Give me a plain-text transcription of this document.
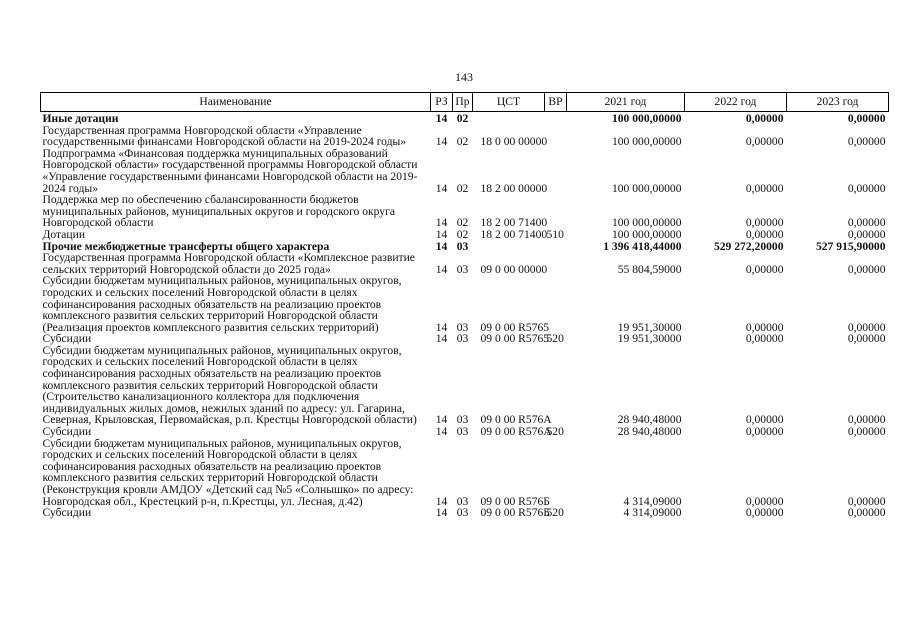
143
Наименование	РЗ	Пр	ЦСТ	ВР	2021 год	2022 год	2023 год
Иные дотации	14	02			100 000,00000	0,00000	0,00000
Государственная программа Новгородской области «Управление государственными финансами Новгородской области на 2019-2024 годы»	14	02	18 0 00 00000		100 000,00000	0,00000	0,00000
Подпрограмма «Финансовая поддержка муниципальных образований Новгородской области» государственной программы Новгородской области «Управление государственными финансами Новгородской области на 2019-2024 годы»	14	02	18 2 00 00000		100 000,00000	0,00000	0,00000
Поддержка мер по обеспечению сбалансированности бюджетов муниципальных районов, муниципальных округов и городского округа Новгородской области	14	02	18 2 00 71400		100 000,00000	0,00000	0,00000
Дотации	14	02	18 2 00 71400	510	100 000,00000	0,00000	0,00000
Прочие межбюджетные трансферты общего характера	14	03			1 396 418,44000	529 272,20000	527 915,90000
Государственная программа Новгородской области «Комплексное развитие сельских территорий Новгородской области до 2025 года»	14	03	09 0 00 00000		55 804,59000	0,00000	0,00000
Субсидии бюджетам муниципальных районов, муниципальных округов, городских и сельских поселений Новгородской области в целях софинансирования расходных обязательств на реализацию проектов комплексного развития сельских территорий Новгородской области (Реализация проектов комплексного развития сельских территорий)	14	03	09 0 00 R5765		19 951,30000	0,00000	0,00000
Субсидии	14	03	09 0 00 R5765	520	19 951,30000	0,00000	0,00000
Субсидии бюджетам муниципальных районов, муниципальных округов, городских и сельских поселений Новгородской области в целях софинансирования расходных обязательств на реализацию проектов комплексного развития сельских территорий Новгородской области (Строительство канализационного коллектора для подключения индивидуальных жилых домов, нежилых зданий по адресу: ул. Гагарина, Северная, Крыловская, Первомайская, р.п. Крестцы Новгородской области)	14	03	09 0 00 R576А		28 940,48000	0,00000	0,00000
Субсидии	14	03	09 0 00 R576А	520	28 940,48000	0,00000	0,00000
Субсидии бюджетам муниципальных районов, муниципальных округов, городских и сельских поселений Новгородской области в целях софинансирования расходных обязательств на реализацию проектов комплексного развития сельских территорий Новгородской области (Реконструкция кровли АМДОУ «Детский сад №5 «Солнышко» по адресу: Новгородская обл., Крестецкий р-н, п.Крестцы, ул. Лесная, д.42)	14	03	09 0 00 R576Б		4 314,09000	0,00000	0,00000
Субсидии	14	03	09 0 00 R576Б	520	4 314,09000	0,00000	0,00000
